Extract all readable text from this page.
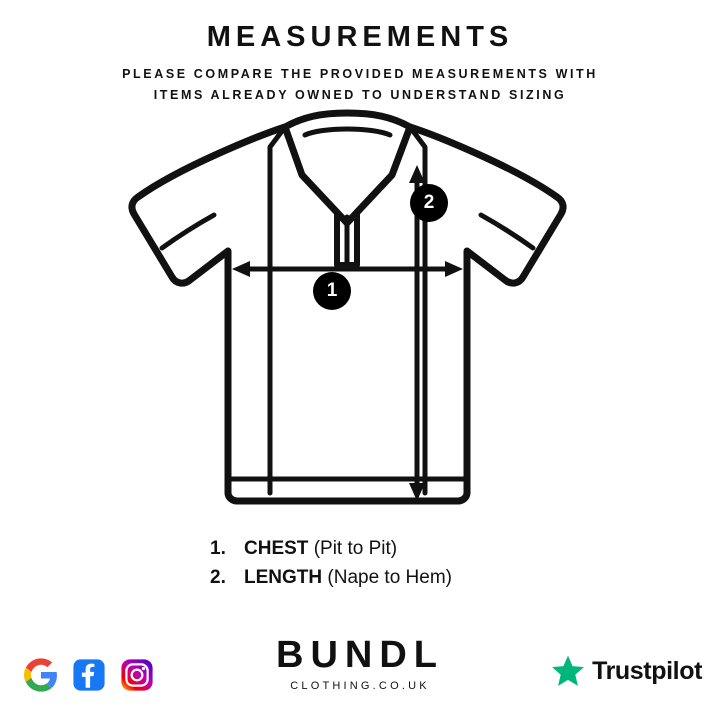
MEASUREMENTS
PLEASE COMPARE THE PROVIDED MEASUREMENTS WITH
ITEMS ALREADY OWNED TO UNDERSTAND SIZING
1
2
1. CHEST (Pit to Pit)
2. LENGTH (Nape to Hem)
BUNDL
CLOTHING.CO.UK
Trustpilot
